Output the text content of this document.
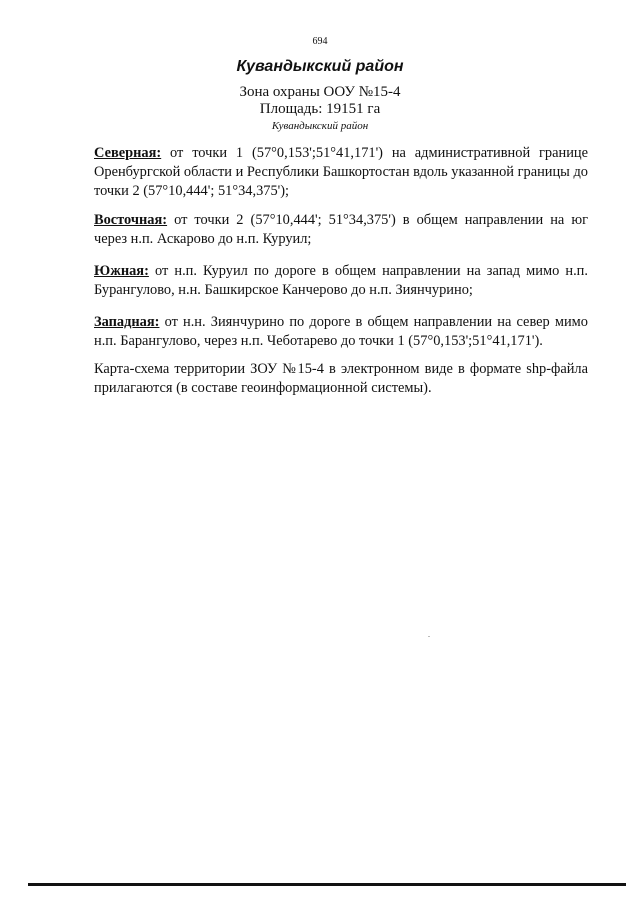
694
Кувандыкский район
Зона охраны ООУ №15-4
Площадь: 19151 га
Кувандыкский район
Северная: от точки 1 (57°0,153';51°41,171') на административной границе Оренбургской области и Республики Башкортостан вдоль указанной границы до точки 2 (57°10,444'; 51°34,375');
Восточная: от точки 2 (57°10,444'; 51°34,375') в общем направлении на юг через н.п. Аскарово до н.п. Куруил;
Южная: от н.п. Куруил по дороге в общем направлении на запад мимо н.п. Бурангулово, н.н. Башкирское Канчерово до н.п. Зиянчурино;
Западная: от н.н. Зиянчурино по дороге в общем направлении на север мимо н.п. Барангулово, через н.п. Чеботарево до точки 1 (57°0,153';51°41,171').
Карта-схема территории ЗОУ №15-4 в электронном виде в формате shp-файла прилагаются (в составе геоинформационной системы).
